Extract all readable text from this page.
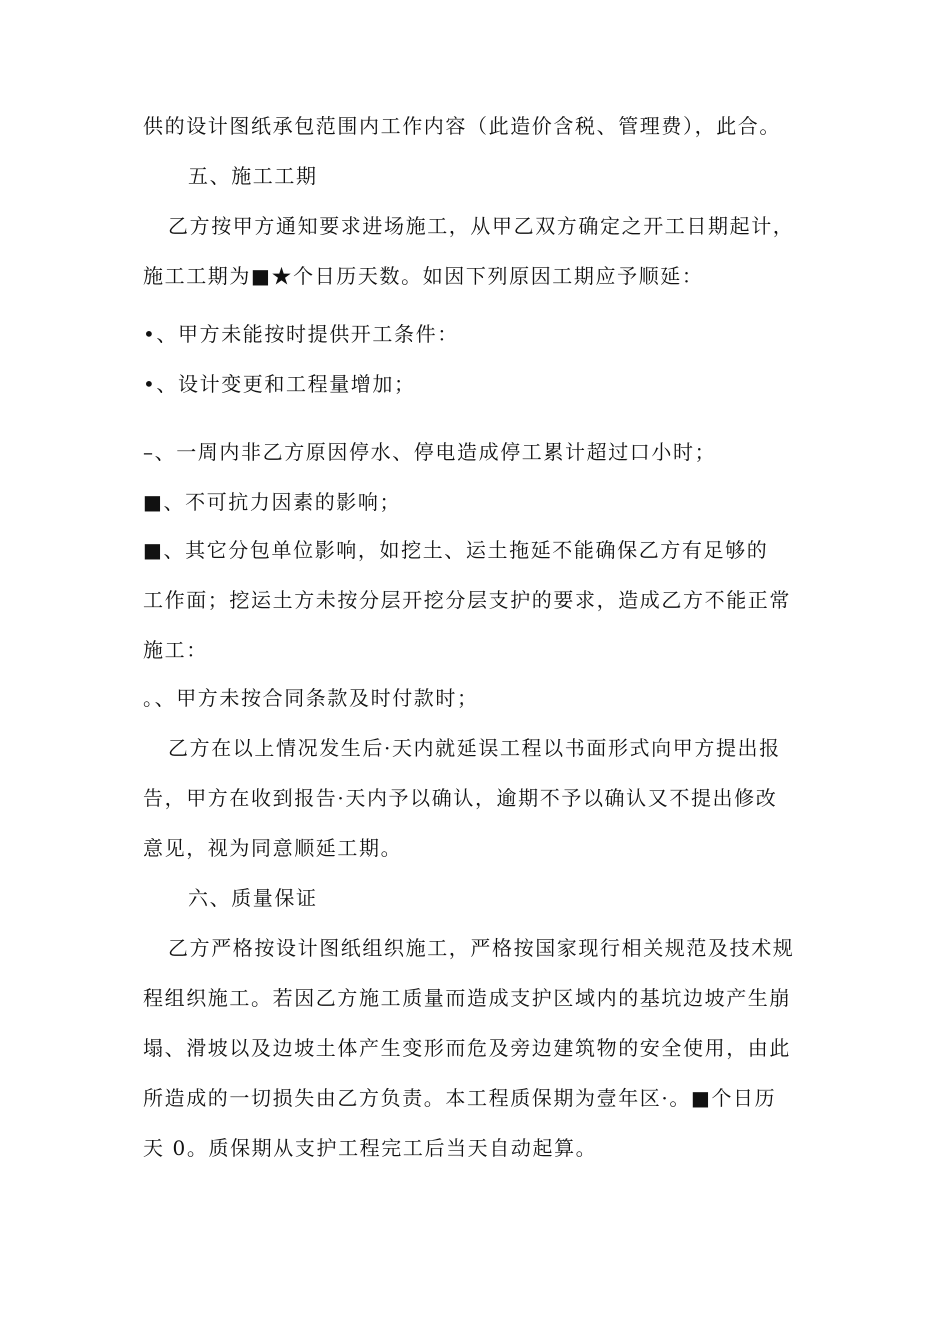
供的设计图纸承包范围内工作内容（此造价含税、管理费），此合。
五、施工工期
乙方按甲方通知要求进场施工，从甲乙双方确定之开工日期起计，
施工工期为■★个日历天数。如因下列原因工期应予顺延：
•、甲方未能按时提供开工条件：
•、设计变更和工程量增加；
–、一周内非乙方原因停水、停电造成停工累计超过口小时；
■、不可抗力因素的影响；
■、其它分包单位影响，如挖土、运土拖延不能确保乙方有足够的
工作面；挖运土方未按分层开挖分层支护的要求，造成乙方不能正常
施工：
。、甲方未按合同条款及时付款时；
乙方在以上情况发生后·天内就延误工程以书面形式向甲方提出报
告，甲方在收到报告·天内予以确认，逾期不予以确认又不提出修改
意见，视为同意顺延工期。
六、质量保证
乙方严格按设计图纸组织施工，严格按国家现行相关规范及技术规
程组织施工。若因乙方施工质量而造成支护区域内的基坑边坡产生崩
塌、滑坡以及边坡土体产生变形而危及旁边建筑物的安全使用，由此
所造成的一切损失由乙方负责。本工程质保期为壹年区·。■个日历
天 0。质保期从支护工程完工后当天自动起算。
